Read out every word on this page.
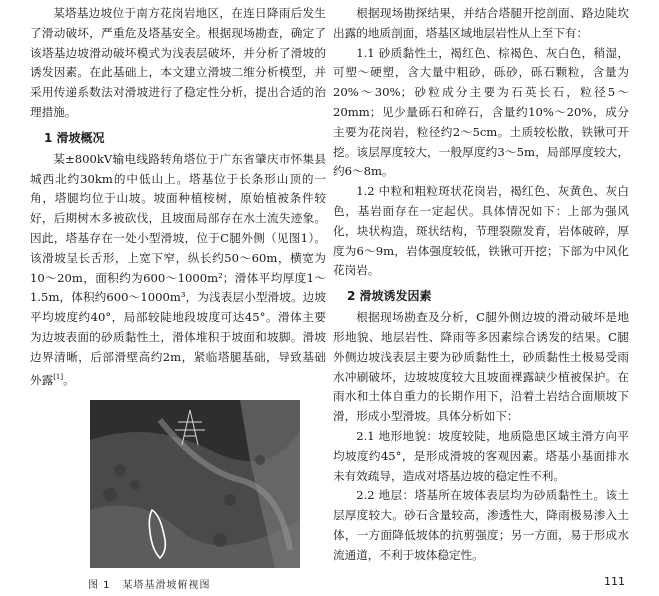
某塔基边坡位于南方花岗岩地区，在连日降雨后发生了滑动破坏，严重危及塔基安全。根据现场勘查，确定了该塔基边坡滑动破坏模式为浅表层破坏，并分析了滑坡的诱发因素。在此基础上，本文建立滑坡二维分析模型，并采用传递系数法对滑坡进行了稳定性分析，提出合适的治理措施。

1 滑坡概况

某±800kV输电线路转角塔位于广东省肇庆市怀集县城西北约30km的中低山上。塔基位于长条形山顶的一角，塔腿均位于山坡。坡面种植桉树，原始植被条件较好，后期树木多被砍伐，且坡面局部存在水土流失迹象。因此，塔基存在一处小型滑坡，位于C腿外侧（见图1）。该滑坡呈长舌形，上宽下窄，纵长约50～60m，横宽为10～20m，面积约为600～1000m²；滑体平均厚度1～1.5m，体积约600～1000m³，为浅表层小型滑坡。边坡平均坡度约40°，局部较陡地段坡度可达45°。滑体主要为边坡表面的砂质黏性土，滑体堆积于坡面和坡脚。滑坡边界清晰，后部滑壁高约2m，紧临塔腿基础，导致基础外露[1]。

图 1 某塔基滑坡俯视图

根据现场勘探结果，并结合塔腿开挖剖面、路边陡坎出露的地质剖面，塔基区域地层岩性从上至下有：

1.1 砂质黏性土，褐红色、棕褐色、灰白色，稍湿，可塑～硬塑，含大量中粗砂，砾砂，砾石颗粒，含量为20%～30%；砂粒成分主要为石英长石，粒径5～20mm；见少量砾石和碎石，含量约10%～20%，成分主要为花岗岩，粒径约2～5cm。土质较松散，铁锹可开挖。该层厚度较大，一般厚度约3～5m，局部厚度较大，约6～8m。

1.2 中粒和粗粒斑状花岗岩，褐红色、灰黄色、灰白色，基岩面存在一定起伏。具体情况如下：上部为强风化，块状构造，斑状结构，节理裂隙发育，岩体破碎，厚度为6～9m，岩体强度较低，铁锹可开挖；下部为中风化花岗岩。

2 滑坡诱发因素

根据现场勘查及分析，C腿外侧边坡的滑动破坏是地形地貌、地层岩性、降雨等多因素综合诱发的结果。C腿外侧边坡浅表层主要为砂质黏性土，砂质黏性土极易受雨水冲刷破坏，边坡坡度较大且坡面裸露缺少植被保护。在雨水和土体自重力的长期作用下，沿着土岩结合面顺坡下滑，形成小型滑坡。具体分析如下：

2.1 地形地貌：坡度较陡，地质隐患区域主滑方向平均坡度约45°，是形成滑坡的客观因素。塔基小基面排水未有效疏导，造成对塔基边坡的稳定性不利。

2.2 地层：塔基所在坡体表层均为砂质黏性土。该土层厚度较大。砂石含量较高，渗透性大，降雨极易渗入土体，一方面降低坡体的抗剪强度；另一方面，易于形成水流通道，不利于坡体稳定性。

111
